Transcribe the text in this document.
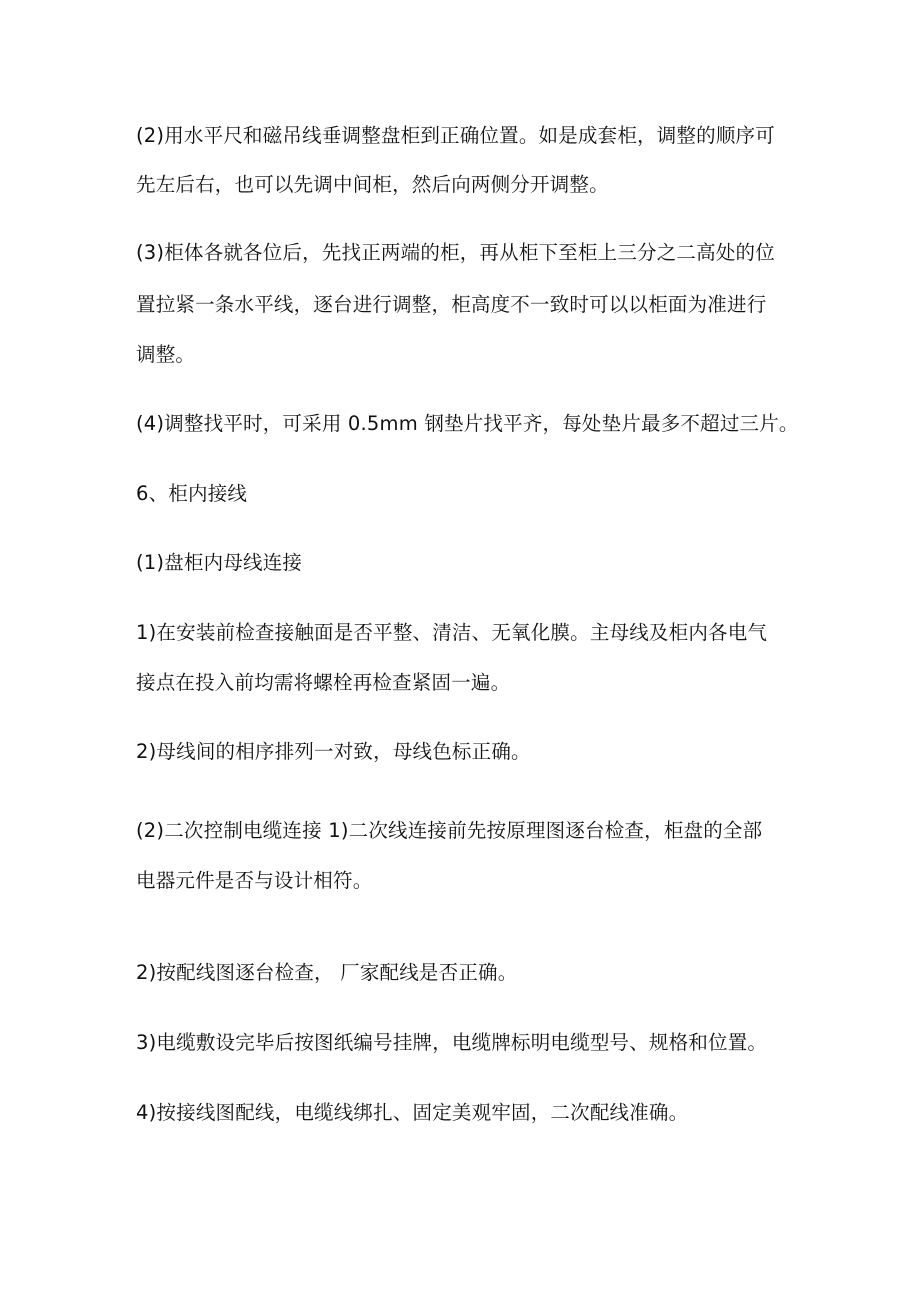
(2)用水平尺和磁吊线垂调整盘柜到正确位置。如是成套柜，调整的顺序可

先左后右，也可以先调中间柜，然后向两侧分开调整。

(3)柜体各就各位后，先找正两端的柜，再从柜下至柜上三分之二高处的位

置拉紧一条水平线，逐台进行调整，柜高度不一致时可以以柜面为准进行

调整。

(4)调整找平时，可采用 0.5mm 钢垫片找平齐，每处垫片最多不超过三片。

6、柜内接线

(1)盘柜内母线连接

1)在安装前检查接触面是否平整、清洁、无氧化膜。主母线及柜内各电气

接点在投入前均需将螺栓再检查紧固一遍。

2)母线间的相序排列一对致，母线色标正确。

(2)二次控制电缆连接 1)二次线连接前先按原理图逐台检查，柜盘的全部

电器元件是否与设计相符。

2)按配线图逐台检查， 厂家配线是否正确。

3)电缆敷设完毕后按图纸编号挂牌，电缆牌标明电缆型号、规格和位置。

4)按接线图配线，电缆线绑扎、固定美观牢固，二次配线准确。
